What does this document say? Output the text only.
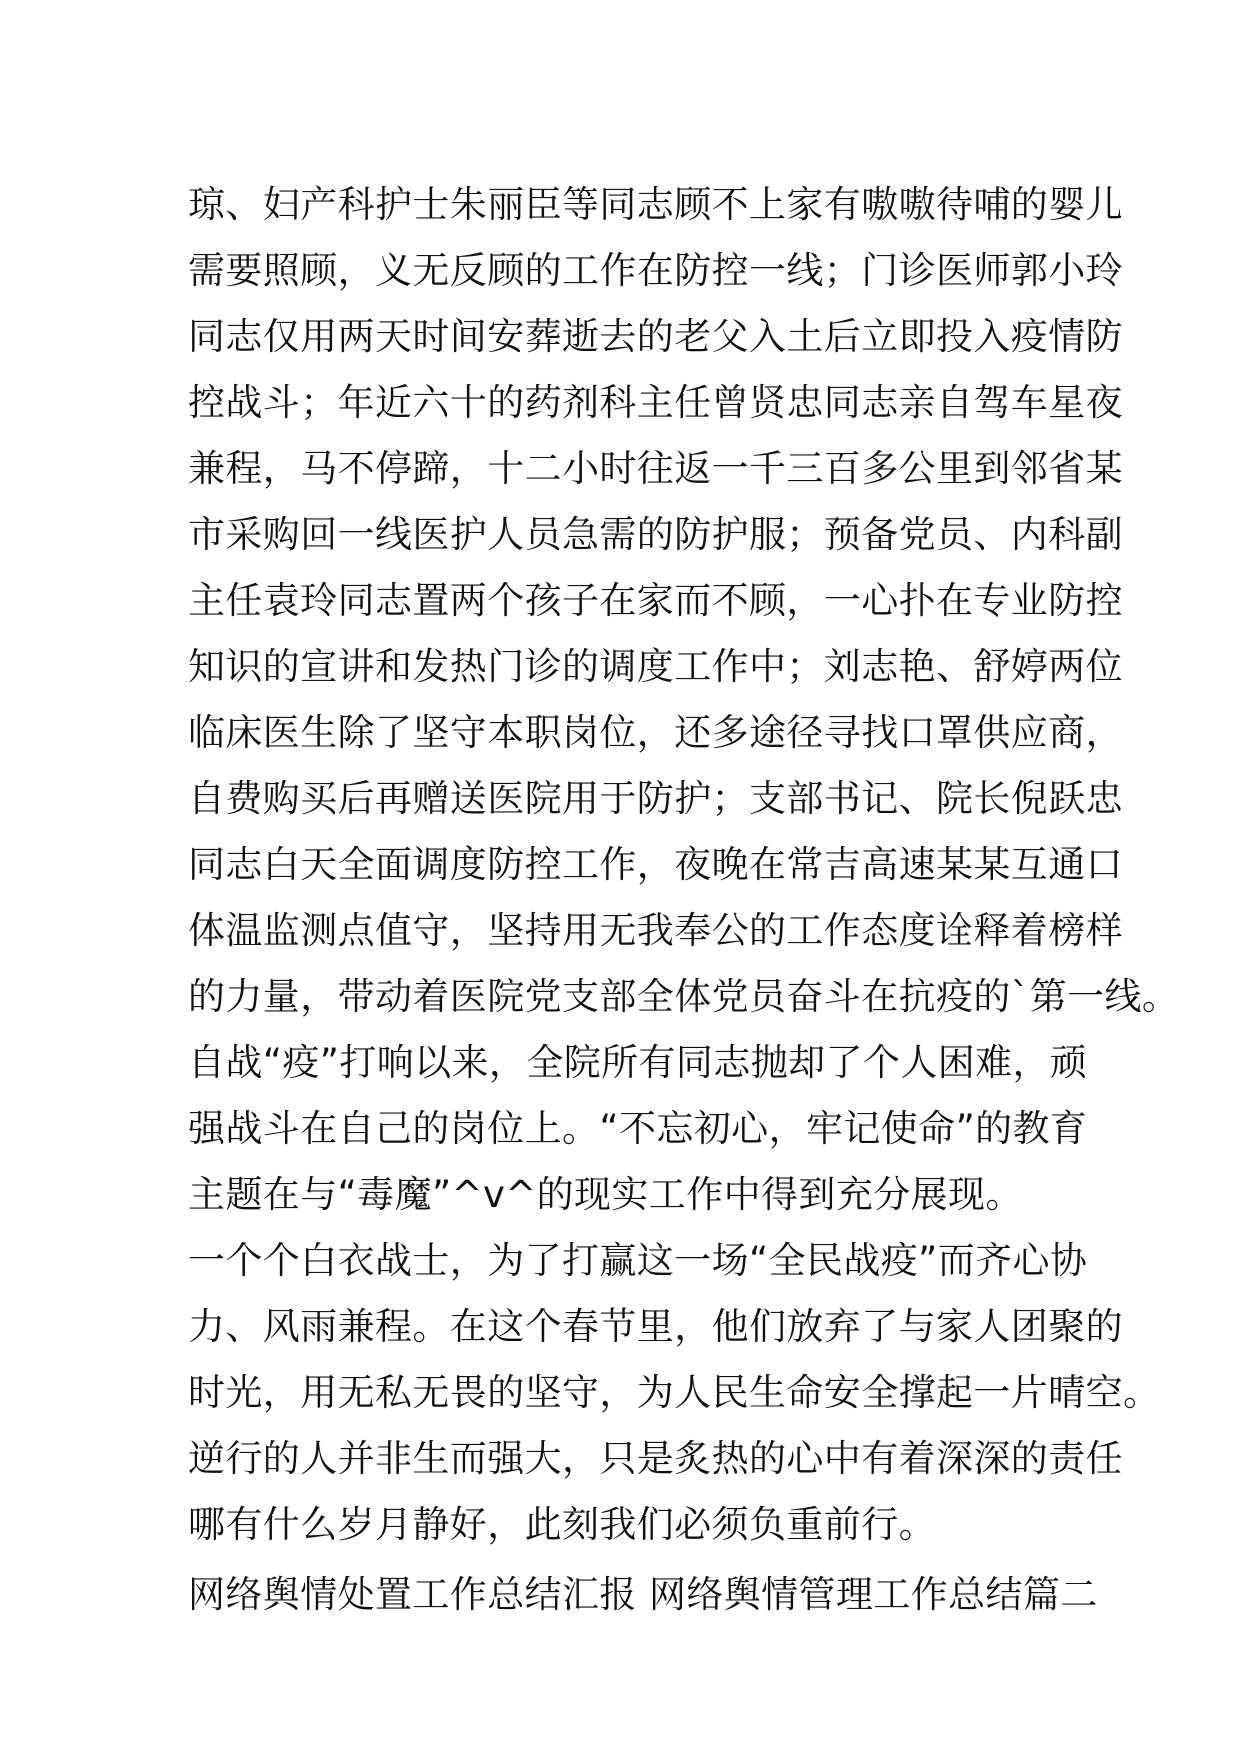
琼、妇产科护士朱丽臣等同志顾不上家有嗷嗷待哺的婴儿
需要照顾，义无反顾的工作在防控一线；门诊医师郭小玲
同志仅用两天时间安葬逝去的老父入土后立即投入疫情防
控战斗；年近六十的药剂科主任曾贤忠同志亲自驾车星夜
兼程，马不停蹄，十二小时往返一千三百多公里到邻省某
市采购回一线医护人员急需的防护服；预备党员、内科副
主任袁玲同志置两个孩子在家而不顾，一心扑在专业防控
知识的宣讲和发热门诊的调度工作中；刘志艳、舒婷两位
临床医生除了坚守本职岗位，还多途径寻找口罩供应商，
自费购买后再赠送医院用于防护；支部书记、院长倪跃忠
同志白天全面调度防控工作，夜晚在常吉高速某某互通口
体温监测点值守，坚持用无我奉公的工作态度诠释着榜样
的力量，带动着医院党支部全体党员奋斗在抗疫的`第一线。
自战“疫”打响以来，全院所有同志抛却了个人困难，顽
强战斗在自己的岗位上。“不忘初心，牢记使命”的教育
主题在与“毒魔”^v^的现实工作中得到充分展现。
一个个白衣战士，为了打赢这一场“全民战疫”而齐心协
力、风雨兼程。在这个春节里，他们放弃了与家人团聚的
时光，用无私无畏的坚守，为人民生命安全撑起一片晴空。
逆行的人并非生而强大，只是炙热的心中有着深深的责任
哪有什么岁月静好，此刻我们必须负重前行。
网络舆情处置工作总结汇报 网络舆情管理工作总结篇二
